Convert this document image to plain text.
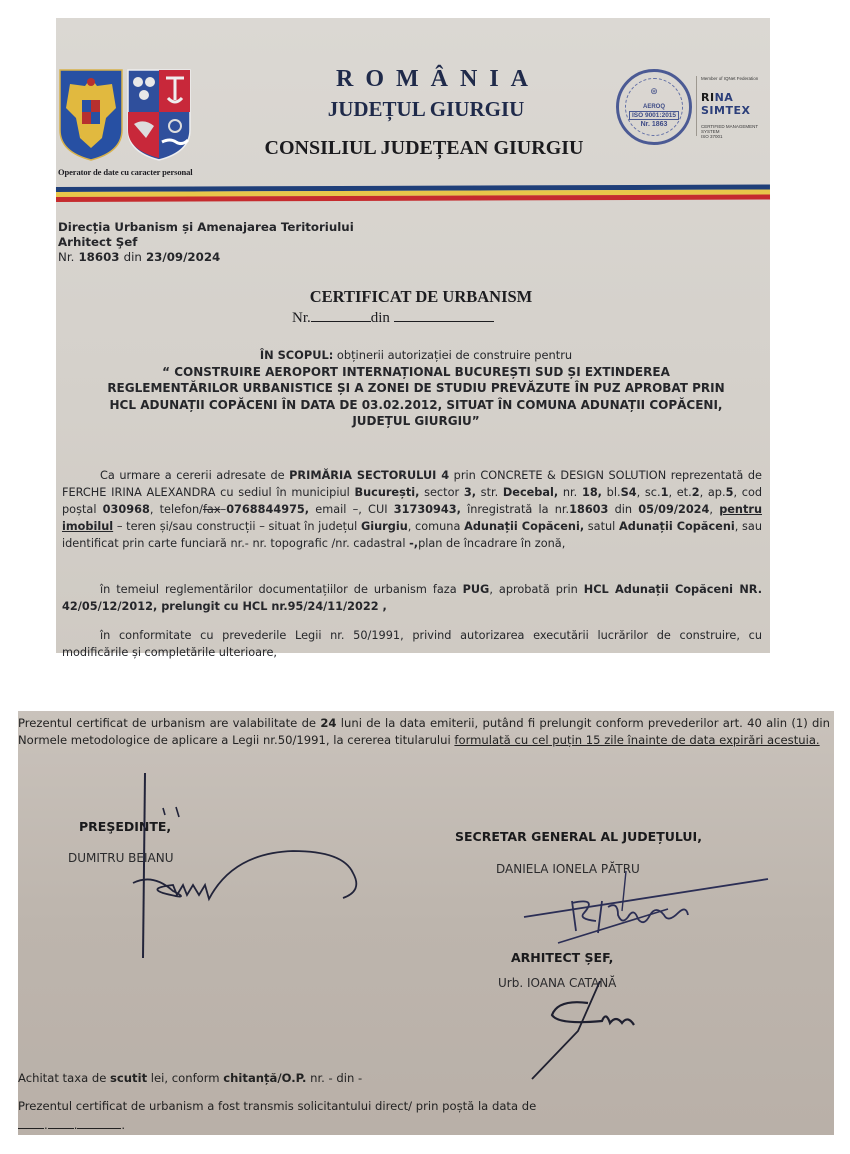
Operator de date cu caracter personal
ROMÂNIA
JUDEȚUL GIURGIU
CONSILIUL JUDEȚEAN GIURGIU
⊛
AEROQ
ISO 9001:2015
Nr. 1863
Member of IQNet Federation
RINA SIMTEX
CERTIFIED MANAGEMENT SYSTEM
ISO 37001
Direcția Urbanism și Amenajarea Teritoriului
Arhitect Şef
Nr. 18603 din 23/09/2024
CERTIFICAT DE URBANISM
Nr.	din
ÎN SCOPUL: obținerii autorizației de construire pentru
“ CONSTRUIRE AEROPORT INTERNAȚIONAL BUCUREȘTI SUD ȘI EXTINDEREA REGLEMENTĂRILOR URBANISTICE ȘI A ZONEI DE STUDIU PREVĂZUTE ÎN PUZ APROBAT PRIN HCL ADUNAȚII COPĂCENI ÎN DATA DE 03.02.2012, SITUAT ÎN COMUNA ADUNAȚII COPĂCENI, JUDEȚUL GIURGIU”
Ca urmare a cererii adresate de PRIMĂRIA SECTORULUI 4 prin CONCRETE & DESIGN SOLUTION reprezentată de FERCHE IRINA ALEXANDRA cu sediul în municipiul București, sector 3, str. Decebal, nr. 18, bl.S4, sc.1, et.2, ap.5, cod poștal 030968, telefon/fax–0768844975, email –, CUI 31730943, înregistrată la nr.18603 din 05/09/2024, pentru imobilul – teren și/sau construcții – situat în județul Giurgiu, comuna Adunații Copăceni, satul Adunații Copăceni, sau identificat prin carte funciară nr.- nr. topografic /nr. cadastral -,plan de încadrare în zonă,
în temeiul reglementărilor documentațiilor de urbanism faza PUG, aprobată prin HCL Adunații Copăceni NR. 42/05/12/2012, prelungit cu HCL nr.95/24/11/2022 ,
în conformitate cu prevederile Legii nr. 50/1991, privind autorizarea executării lucrărilor de construire, cu modificările și completările ulterioare,
Prezentul certificat de urbanism are valabilitate de 24 luni de la data emiterii, putând fi prelungit conform prevederilor art. 40 alin (1) din Normele metodologice de aplicare a Legii nr.50/1991, la cererea titularului formulată cu cel puțin 15 zile înainte de data expirări acestuia.
PREŞEDINTE,
DUMITRU BEIANU
SECRETAR GENERAL AL JUDEȚULUI,
DANIELA IONELA PĂTRU
ARHITECT ȘEF,
Urb. IOANA CATANĂ
Achitat taxa de scutit lei, conform chitanță/O.P. nr. - din -
Prezentul certificat de urbanism a fost transmis solicitantului direct/ prin poștă la data de
. .	.
